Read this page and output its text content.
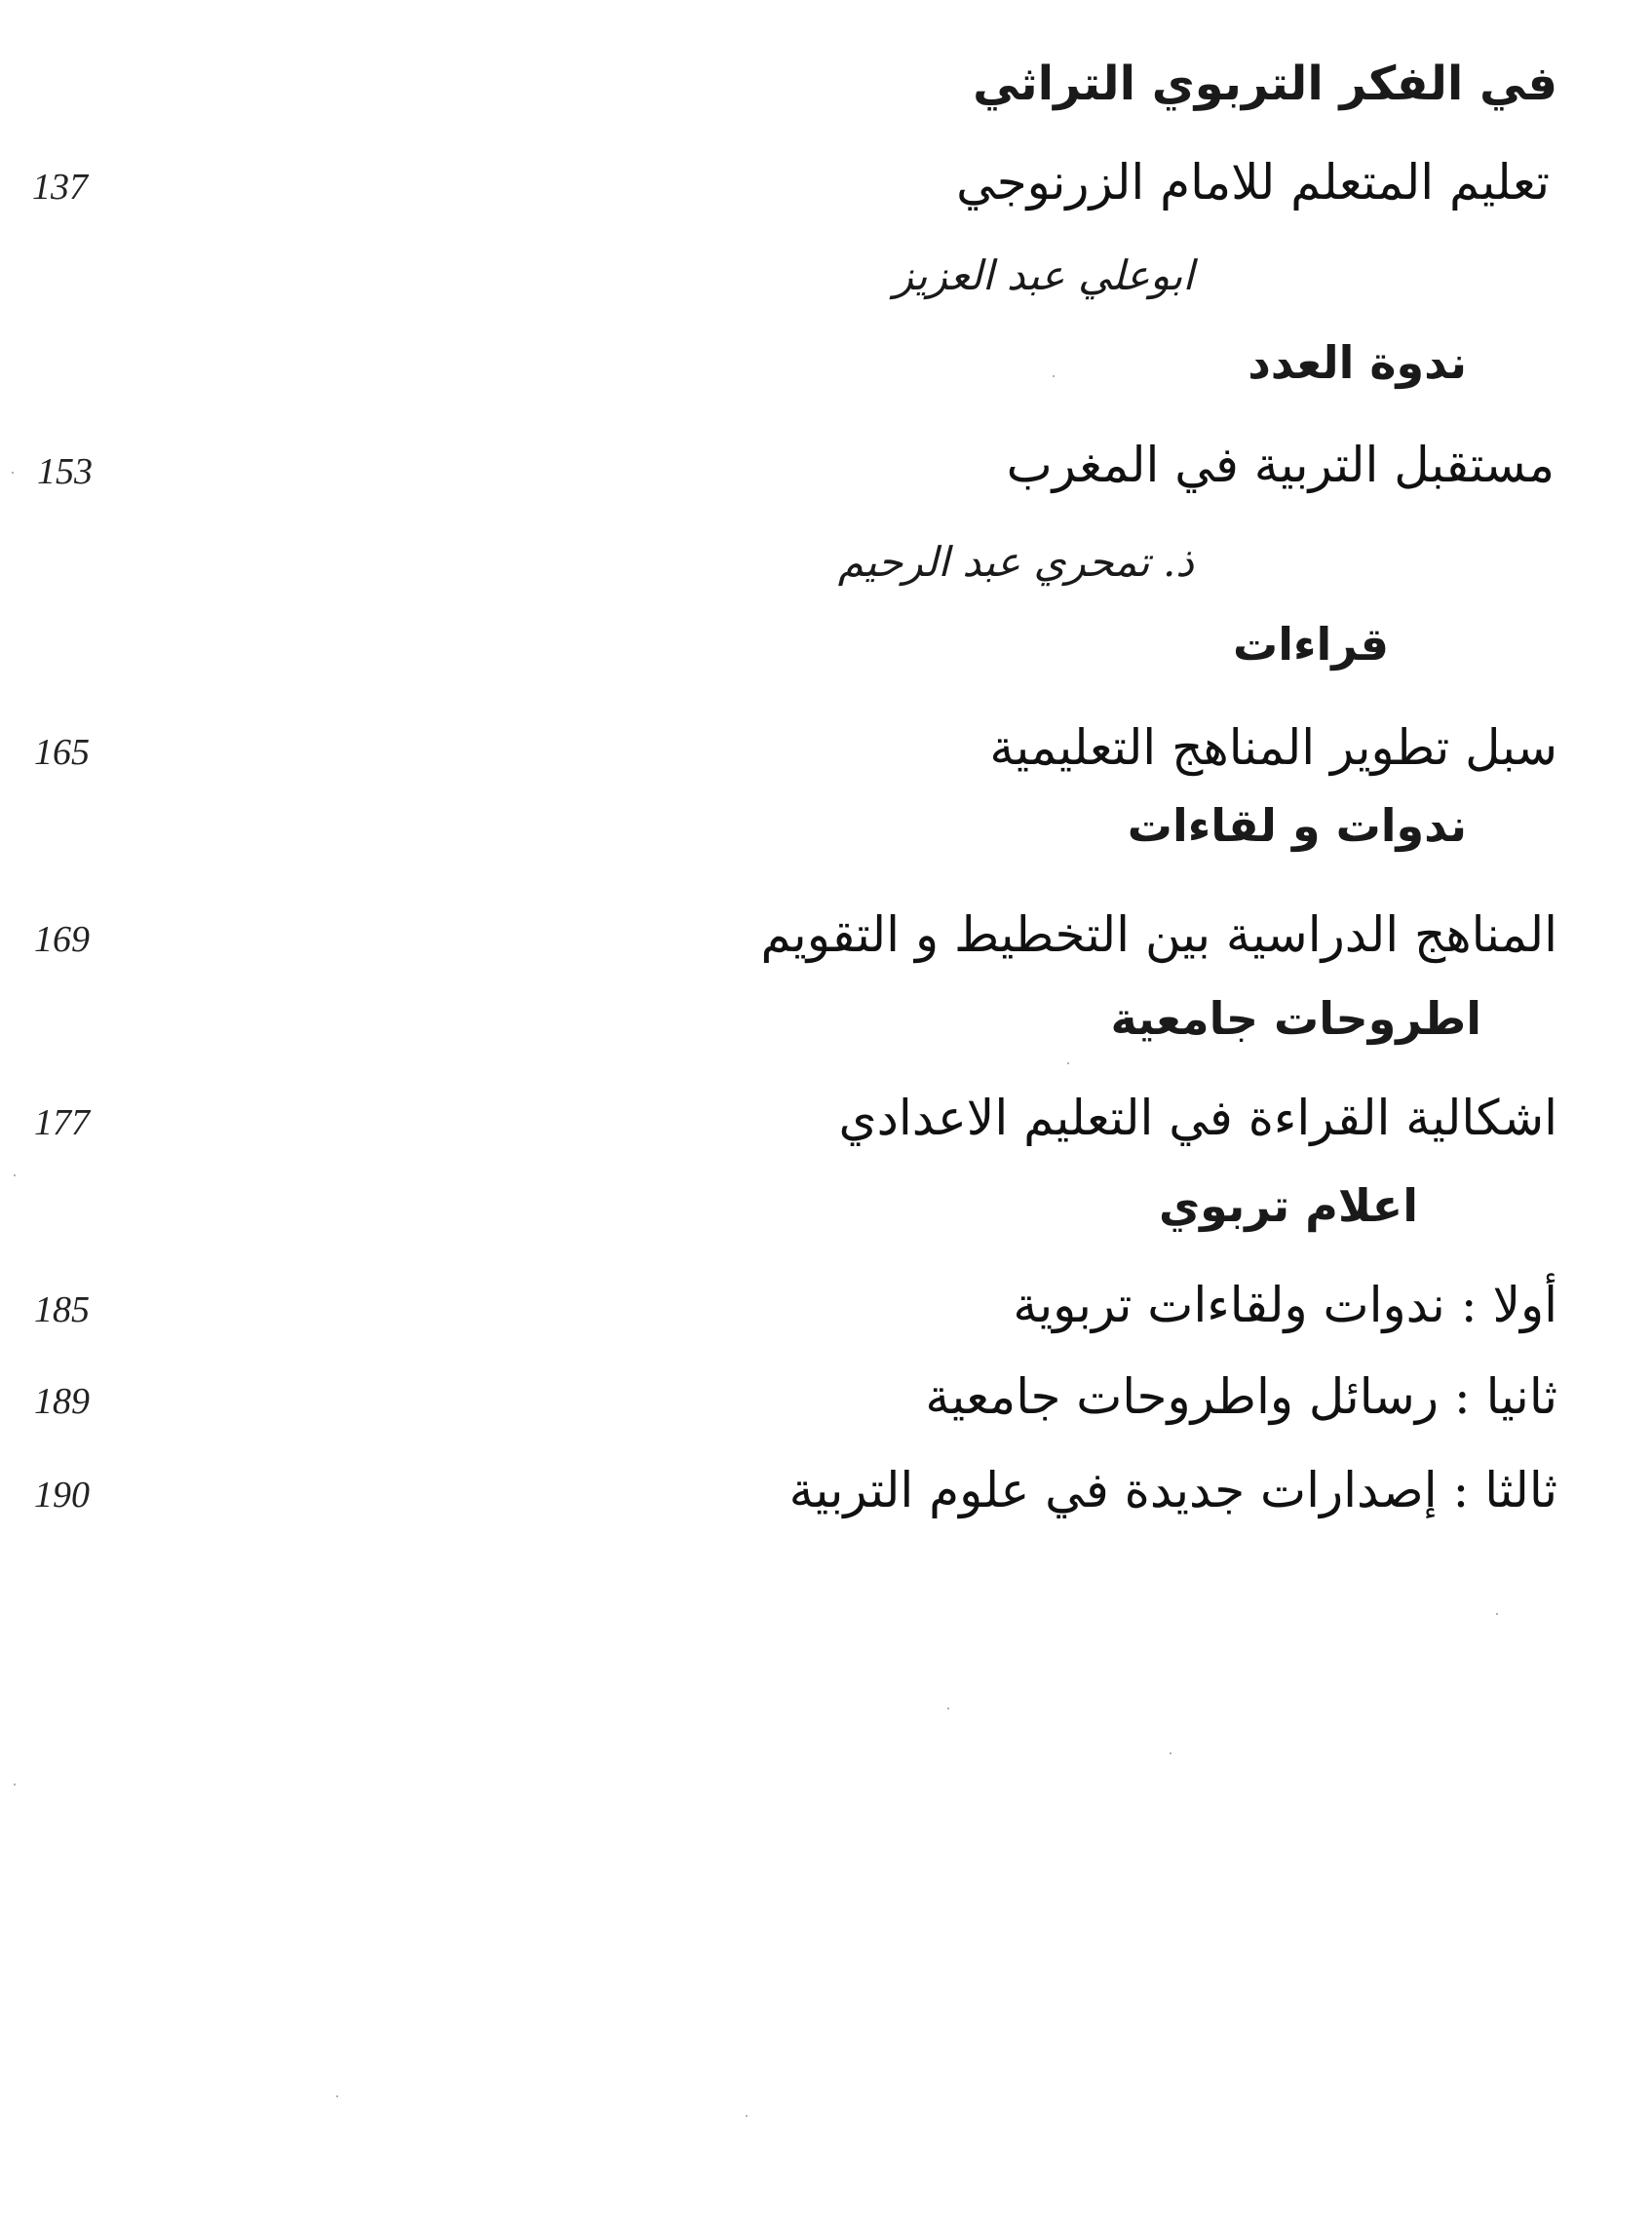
في الفكر التربوي التراثي
تعليم المتعلم للامام الزرنوجي
137
ابوعلي عبد العزيز
ندوة العدد
مستقبل التربية في المغرب
153
ذ. تمحري عبد الرحيم
قراءات
سبل تطوير المناهج التعليمية
165
ندوات و لقاءات
المناهج الدراسية بين التخطيط و التقويم
169
اطروحات جامعية
اشكالية القراءة في التعليم الاعدادي
177
اعلام تربوي
أولا : ندوات ولقاءات تربوية
185
ثانيا : رسائل واطروحات جامعية
189
ثالثا : إصدارات جديدة في علوم التربية
190
